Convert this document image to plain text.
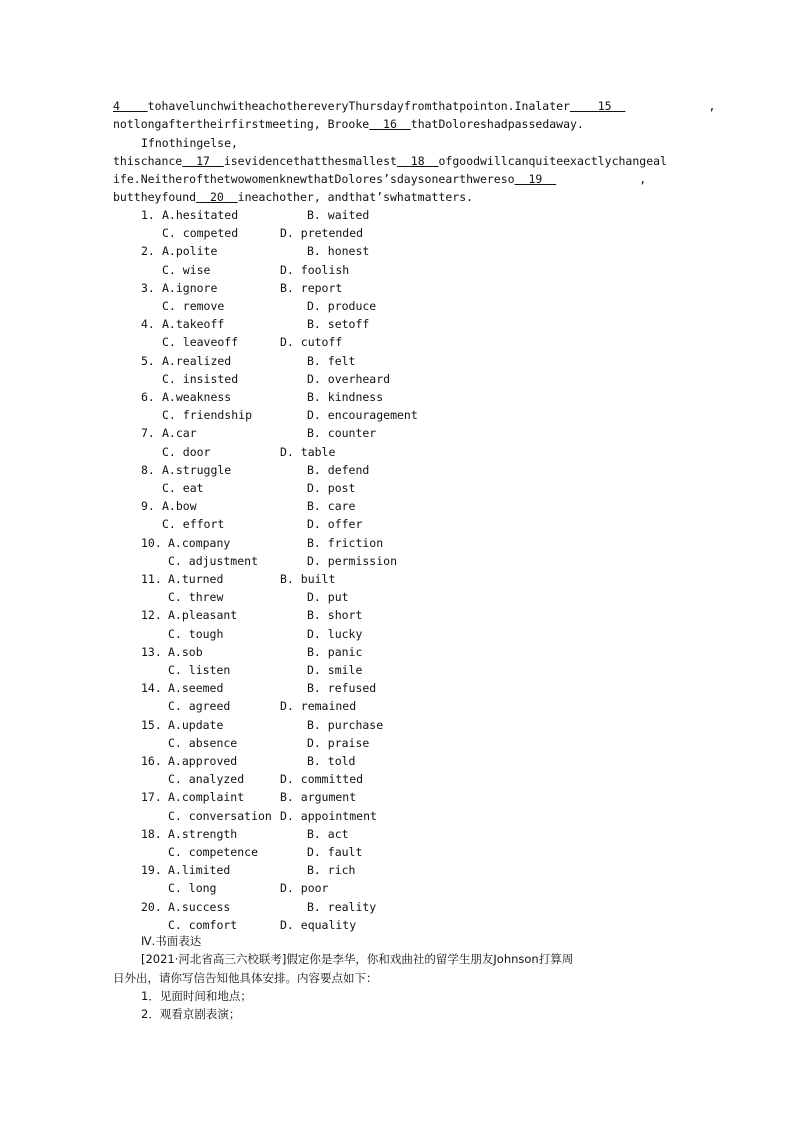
4 tohavelunchwitheachothereveryThursdayfromthatpointon.Inalater 15	,
notlongaftertheirfirstmeeting, Brooke 16 thatDoloreshadpassedaway.
Ifnothingelse,
thischance 17 isevidencethatthesmallest 18 ofgoodwillcanquiteexactlychangeal
ife.NeitherofthetwowomenknewthatDolores’sdaysonearthwereso 19	,
buttheyfound 20 ineachother, andthat’swhatmatters.
1. A.hesitated	B. waited
C. competed	D. pretended
2. A.polite	B. honest
C. wise	D. foolish
3. A.ignore	B. report
C. remove	D. produce
4. A.takeoff	B. setoff
C. leaveoff	D. cutoff
5. A.realized	B. felt
C. insisted	D. overheard
6. A.weakness	B. kindness
C. friendship	D. encouragement
7. A.car	B. counter
C. door	D. table
8. A.struggle	B. defend
C. eat	D. post
9. A.bow	B. care
C. effort	D. offer
10. A.company	B. friction
C. adjustment	D. permission
11. A.turned	B. built
C. threw	D. put
12. A.pleasant	B. short
C. tough	D. lucky
13. A.sob	B. panic
C. listen	D. smile
14. A.seemed	B. refused
C. agreed	D. remained
15. A.update	B. purchase
C. absence	D. praise
16. A.approved	B. told
C. analyzed	D. committed
17. A.complaint	B. argument
C. conversation D. appointment
18. A.strength	B. act
C. competence	D. fault
19. A.limited	B. rich
C. long	D. poor
20. A.success	B. reality
C. comfort	D. equality
Ⅳ.书面表达
[2021·河北省高三六校联考]假定你是李华，你和戏曲社的留学生朋友Johnson打算周
日外出，请你写信告知他具体安排。内容要点如下：
1．见面时间和地点；
2．观看京剧表演；
